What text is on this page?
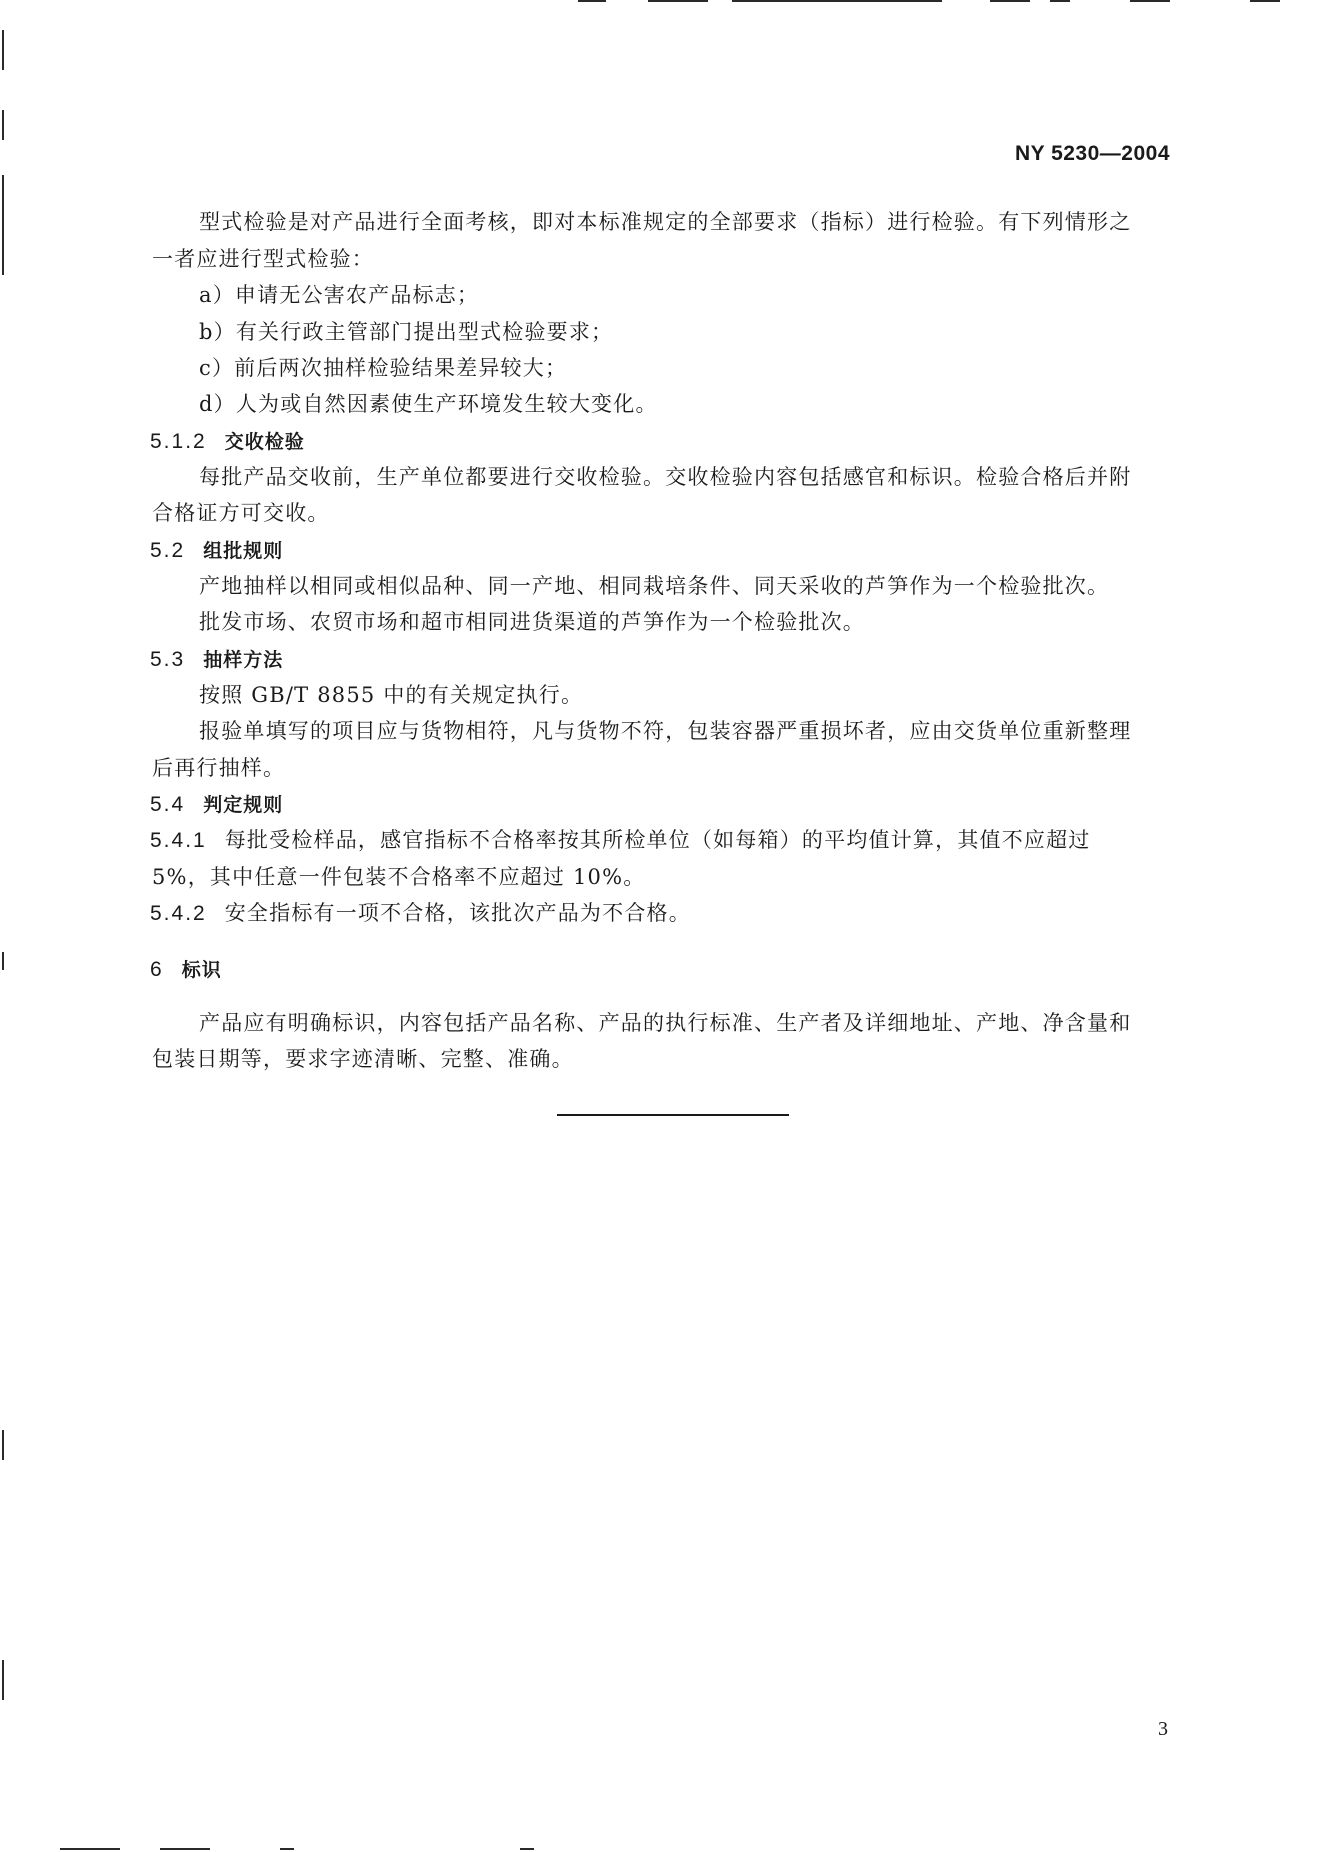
NY 5230—2004
型式检验是对产品进行全面考核，即对本标准规定的全部要求（指标）进行检验。有下列情形之
一者应进行型式检验：
a）申请无公害农产品标志；
b）有关行政主管部门提出型式检验要求；
c）前后两次抽样检验结果差异较大；
d）人为或自然因素使生产环境发生较大变化。
5.1.2 交收检验
每批产品交收前，生产单位都要进行交收检验。交收检验内容包括感官和标识。检验合格后并附
合格证方可交收。
5.2 组批规则
产地抽样以相同或相似品种、同一产地、相同栽培条件、同天采收的芦笋作为一个检验批次。
批发市场、农贸市场和超市相同进货渠道的芦笋作为一个检验批次。
5.3 抽样方法
按照 GB/T 8855 中的有关规定执行。
报验单填写的项目应与货物相符，凡与货物不符，包装容器严重损坏者，应由交货单位重新整理
后再行抽样。
5.4 判定规则
5.4.1 每批受检样品，感官指标不合格率按其所检单位（如每箱）的平均值计算，其值不应超过
5%，其中任意一件包装不合格率不应超过 10%。
5.4.2 安全指标有一项不合格，该批次产品为不合格。
6 标识
产品应有明确标识，内容包括产品名称、产品的执行标准、生产者及详细地址、产地、净含量和
包装日期等，要求字迹清晰、完整、准确。
3
